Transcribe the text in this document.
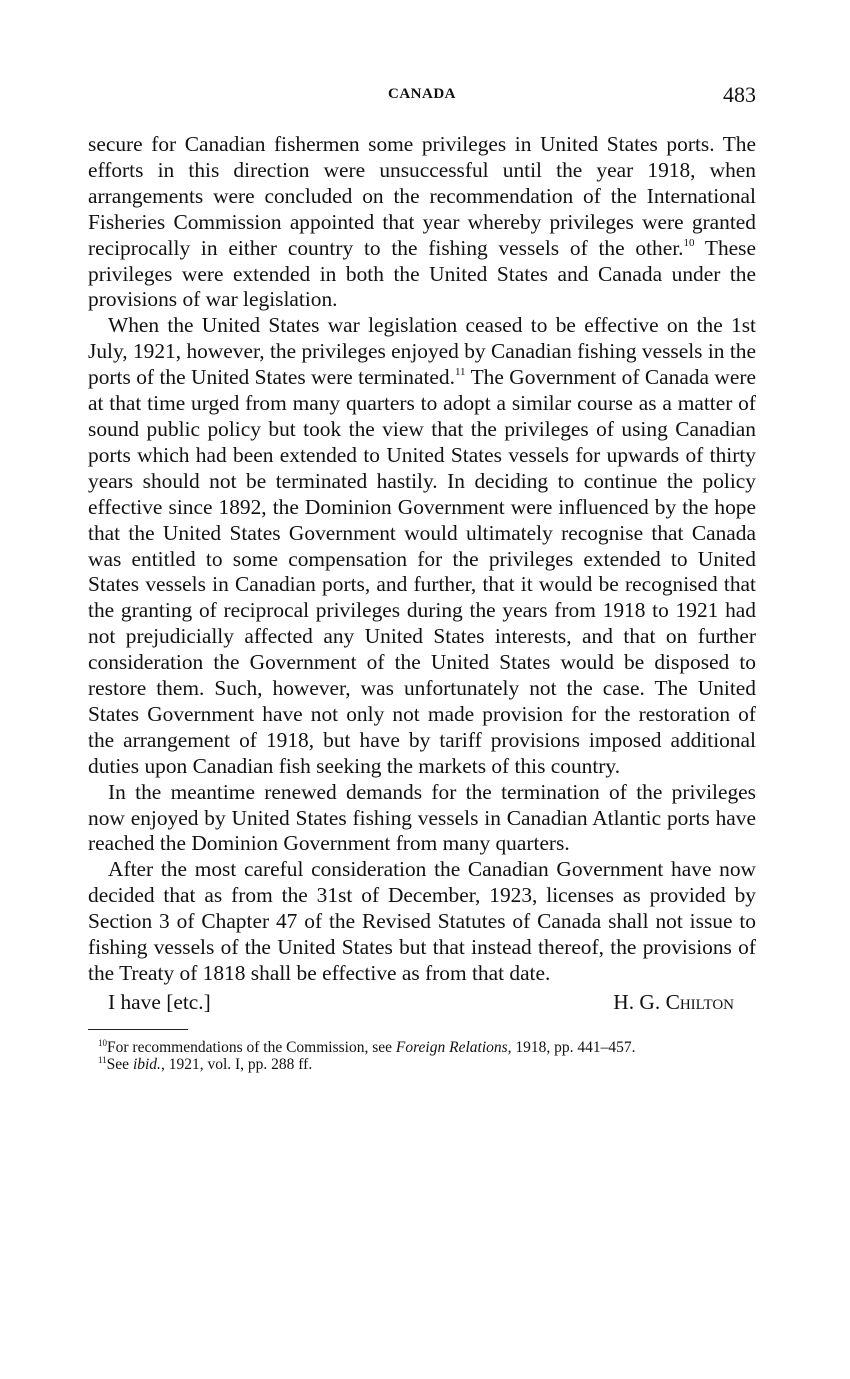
CANADA	483

secure for Canadian fishermen some privileges in United States ports. The efforts in this direction were unsuccessful until the year 1918, when arrangements were concluded on the recommendation of the International Fisheries Commission appointed that year whereby privileges were granted reciprocally in either country to the fishing vessels of the other.$^{10}$ These privileges were extended in both the United States and Canada under the provisions of war legislation.

When the United States war legislation ceased to be effective on the 1st July, 1921, however, the privileges enjoyed by Canadian fishing vessels in the ports of the United States were terminated.$^{11}$ The Government of Canada were at that time urged from many quarters to adopt a similar course as a matter of sound public policy but took the view that the privileges of using Canadian ports which had been extended to United States vessels for upwards of thirty years should not be terminated hastily. In deciding to continue the policy effective since 1892, the Dominion Government were influenced by the hope that the United States Government would ultimately recognise that Canada was entitled to some compensation for the privileges extended to United States vessels in Canadian ports, and further, that it would be recognised that the granting of reciprocal privileges during the years from 1918 to 1921 had not prejudicially affected any United States interests, and that on further consideration the Government of the United States would be disposed to restore them. Such, however, was unfortunately not the case. The United States Government have not only not made provision for the restoration of the arrangement of 1918, but have by tariff provisions imposed additional duties upon Canadian fish seeking the markets of this country.

In the meantime renewed demands for the termination of the privileges now enjoyed by United States fishing vessels in Canadian Atlantic ports have reached the Dominion Government from many quarters.

After the most careful consideration the Canadian Government have now decided that as from the 31st of December, 1923, licenses as provided by Section 3 of Chapter 47 of the Revised Statutes of Canada shall not issue to fishing vessels of the United States but that instead thereof, the provisions of the Treaty of 1818 shall be effective as from that date.

I have [etc.]	H. G. Chilton

$^{10}$For recommendations of the Commission, see Foreign Relations, 1918, pp. 441–457.

$^{11}$See ibid., 1921, vol. I, pp. 288 ff.
